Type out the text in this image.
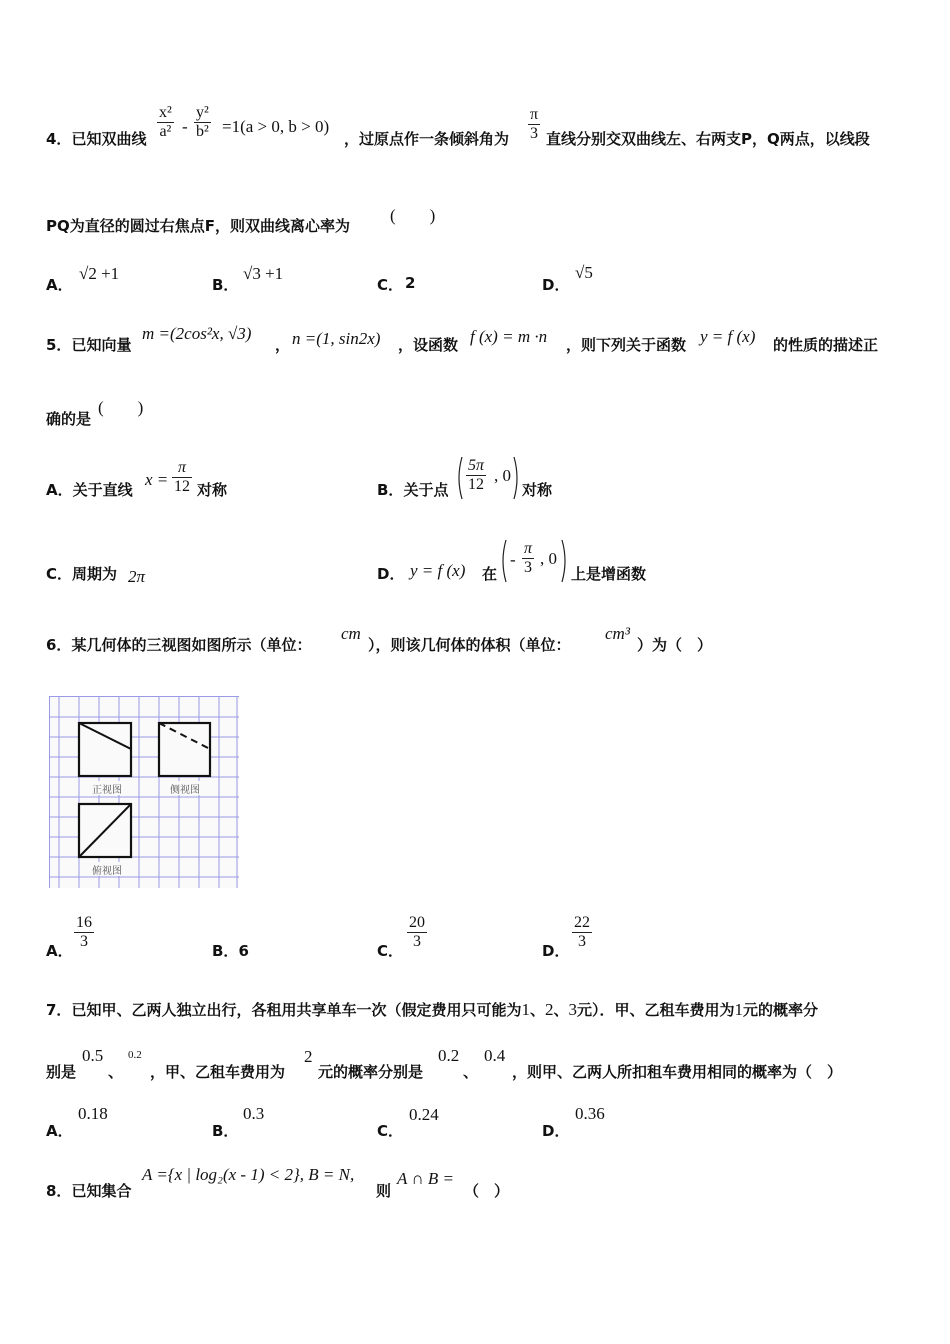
4．已知双曲线 $\frac{\text{x²}}{\text{a²}} - \frac{\text{y²}}{\text{b²}} =1(a > 0$, b > 0)
，过原点作一条倾斜角为 $\frac{\pi}{3}$ 直线分别交双曲线左、右两支P，Q两点，以线段
PQ为直径的圆过右焦点F，则双曲线离心率为
(　　)
A．
√2 +1
B．
√3 +1
C． 2	D．
√5
5．已知向量
m =(2cos²x, √3)
， n =(1, sin2x) ，设函数 f (x) = m ·n ，则下列关于函数 y = f (x) 的性质的描述正
确的是
(　　)
A．关于直线
$x = \frac{\pi}{12}$ 对称	B．关于点 $\frac{5\pi}{12}$ , 0
对称
C．周期为 2π	D． y = f (x) 在
- $\frac{\pi}{3}$ , 0
上是增函数
6．某几何体的三视图如图所示（单位：
cm
），则该几何体的体积（单位：
cm³
）为（　）
正视图	侧视图
俯视图
A． $\frac{16}{3}$	B．6	C． $\frac{20}{3}$	D． $\frac{22}{3}$
7．已知甲、乙两人独立出行，各租用共享单车一次（假定费用只可能为1、2、3元）．甲、乙租车费用为1元的概率分
别是
0.5
、
0.2
，甲、乙租车费用为
2
元的概率分别是
0.2
、
0.4
，则甲、乙两人所扣租车费用相同的概率为（　）
A．
0.18
B．
0.3
C．
0.24
D．
0.36
8．已知集合
A ={x | log₂(x - 1) < 2}, B = N,
则
A ∩ B =
（　）
